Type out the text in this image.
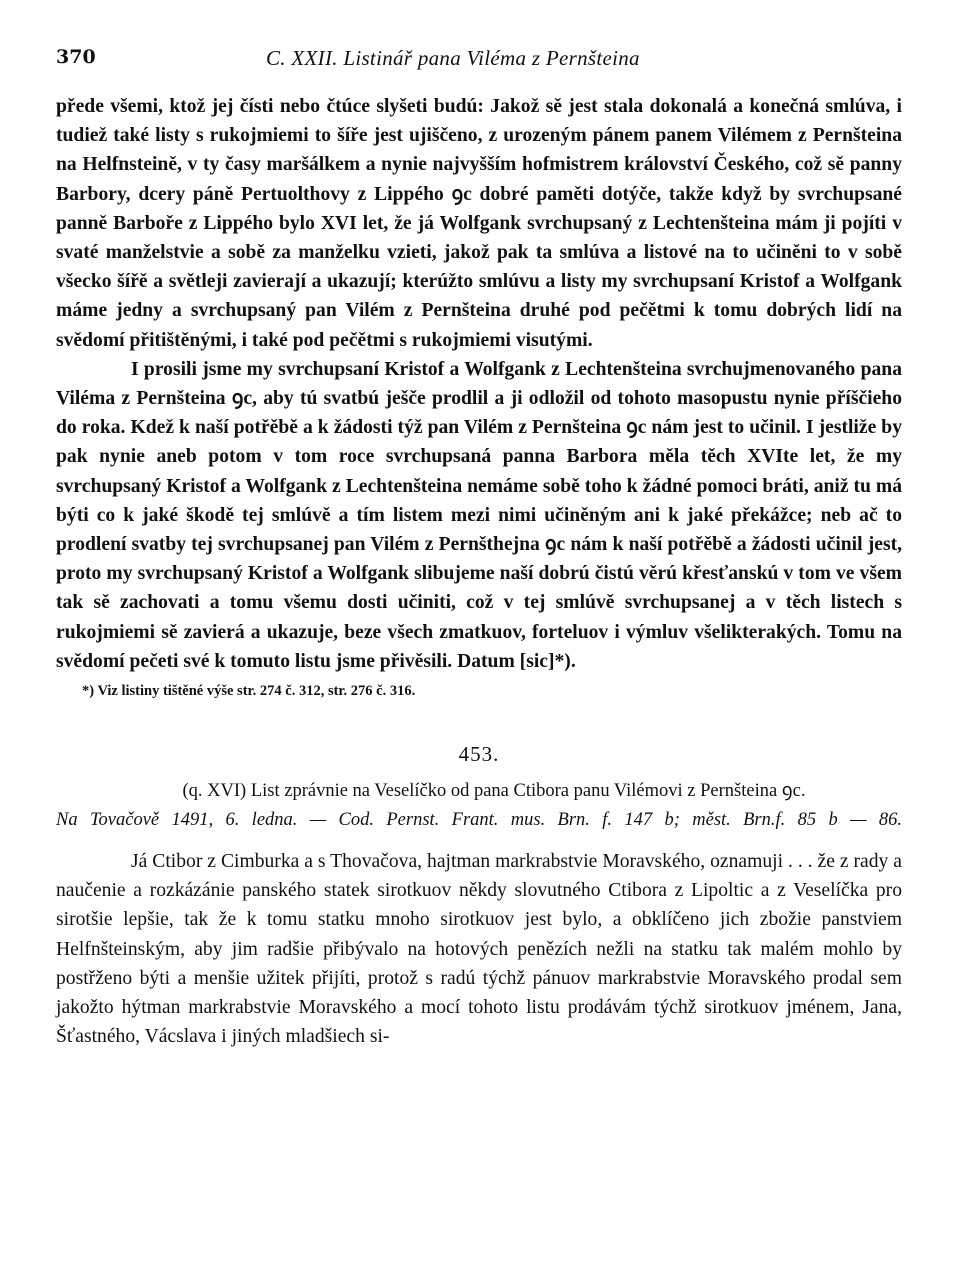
370	C. XXII. Listinář pana Viléma z Pernšteina

přede všemi, ktož jej čísti nebo čtúce slyšeti budú: Jakož sě jest stala dokonalá a konečná smlúva, i tudiež také listy s rukojmiemi to šíře jest ujiščeno, z urozeným pánem panem Vilémem z Pernšteina na Helfnsteině, v ty časy maršálkem a nynie najvyšším hofmistrem království Českého, což sě panny Barbory, dcery páně Pertuolthovy z Lippého ꝯc dobré paměti dotýče, takže když by svrchupsané panně Barboře z Lippého bylo XVI let, že já Wolfgank svrchupsaný z Lechtenšteina mám ji pojíti v svaté manželstvie a sobě za manželku vzieti, jakož pak ta smlúva a listové na to učiněni to v sobě všecko šířě a světleji zavierají a ukazují; kterúžto smlúvu a listy my svrchupsaní Kristof a Wolfgank máme jedny a svrchupsaný pan Vilém z Pernšteina druhé pod pečětmi k tomu dobrých lidí na svědomí přitištěnými, i také pod pečětmi s rukojmiemi visutými.

I prosili jsme my svrchupsaní Kristof a Wolfgank z Lechtenšteina svrchujmenovaného pana Viléma z Pernšteina ꝯc, aby tú svatbú ješče prodlil a ji odložil od tohoto masopustu nynie příščieho do roka. Kdež k naší potřěbě a k žádosti týž pan Vilém z Pernšteina ꝯc nám jest to učinil. I jestliže by pak nynie aneb potom v tom roce svrchupsaná panna Barbora měla těch XVIte let, že my svrchupsaný Kristof a Wolfgank z Lechtenšteina nemáme sobě toho k žádné pomoci bráti, aniž tu má býti co k jaké škodě tej smlúvě a tím listem mezi nimi učiněným ani k jaké překážce; neb ač to prodlení svatby tej svrchupsanej pan Vilém z Pernšthejna ꝯc nám k naší potřěbě a žádosti učinil jest, proto my svrchupsaný Kristof a Wolfgank slibujeme naší dobrú čistú věrú křesťanskú v tom ve všem tak sě zachovati a tomu všemu dosti učiniti, což v tej smlúvě svrchupsanej a v těch listech s rukojmiemi sě zavierá a ukazuje, beze všech zmatkuov, forteluov i výmluv všelikterakých. Tomu na svědomí pečeti své k tomuto listu jsme přivěsili. Datum [sic]*).

*) Viz listiny tištěné výše str. 274 č. 312, str. 276 č. 316.
453.
(q. XVI) List zprávnie na Veselíčko od pana Ctibora panu Vilémovi z Pernšteina ꝯc.
Na Tovačově 1491, 6. ledna. — Cod. Pernst. Frant. mus. Brn. f. 147 b; měst. Brn.f. 85 b — 86.

Já Ctibor z Cimburka a s Thovačova, hajtman markrabstvie Moravského, oznamuji . . . že z rady a naučenie a rozkázánie panského statek sirotkuov někdy slovutného Ctibora z Lipoltic a z Veselíčka pro sirotšie lepšie, tak že k tomu statku mnoho sirotkuov jest bylo, a obklíčeno jich zbožie panstviem Helfnšteinským, aby jim radšie přibývalo na hotových penězích nežli na statku tak malém mohlo by postřženo býti a menšie užitek přijíti, protož s radú týchž pánuov markrabstvie Moravského prodal sem jakožto hýtman markrabstvie Moravského a mocí tohoto listu prodávám týchž sirotkuov jménem, Jana, Šťastného, Vácslava i jiných mladšiech si-
